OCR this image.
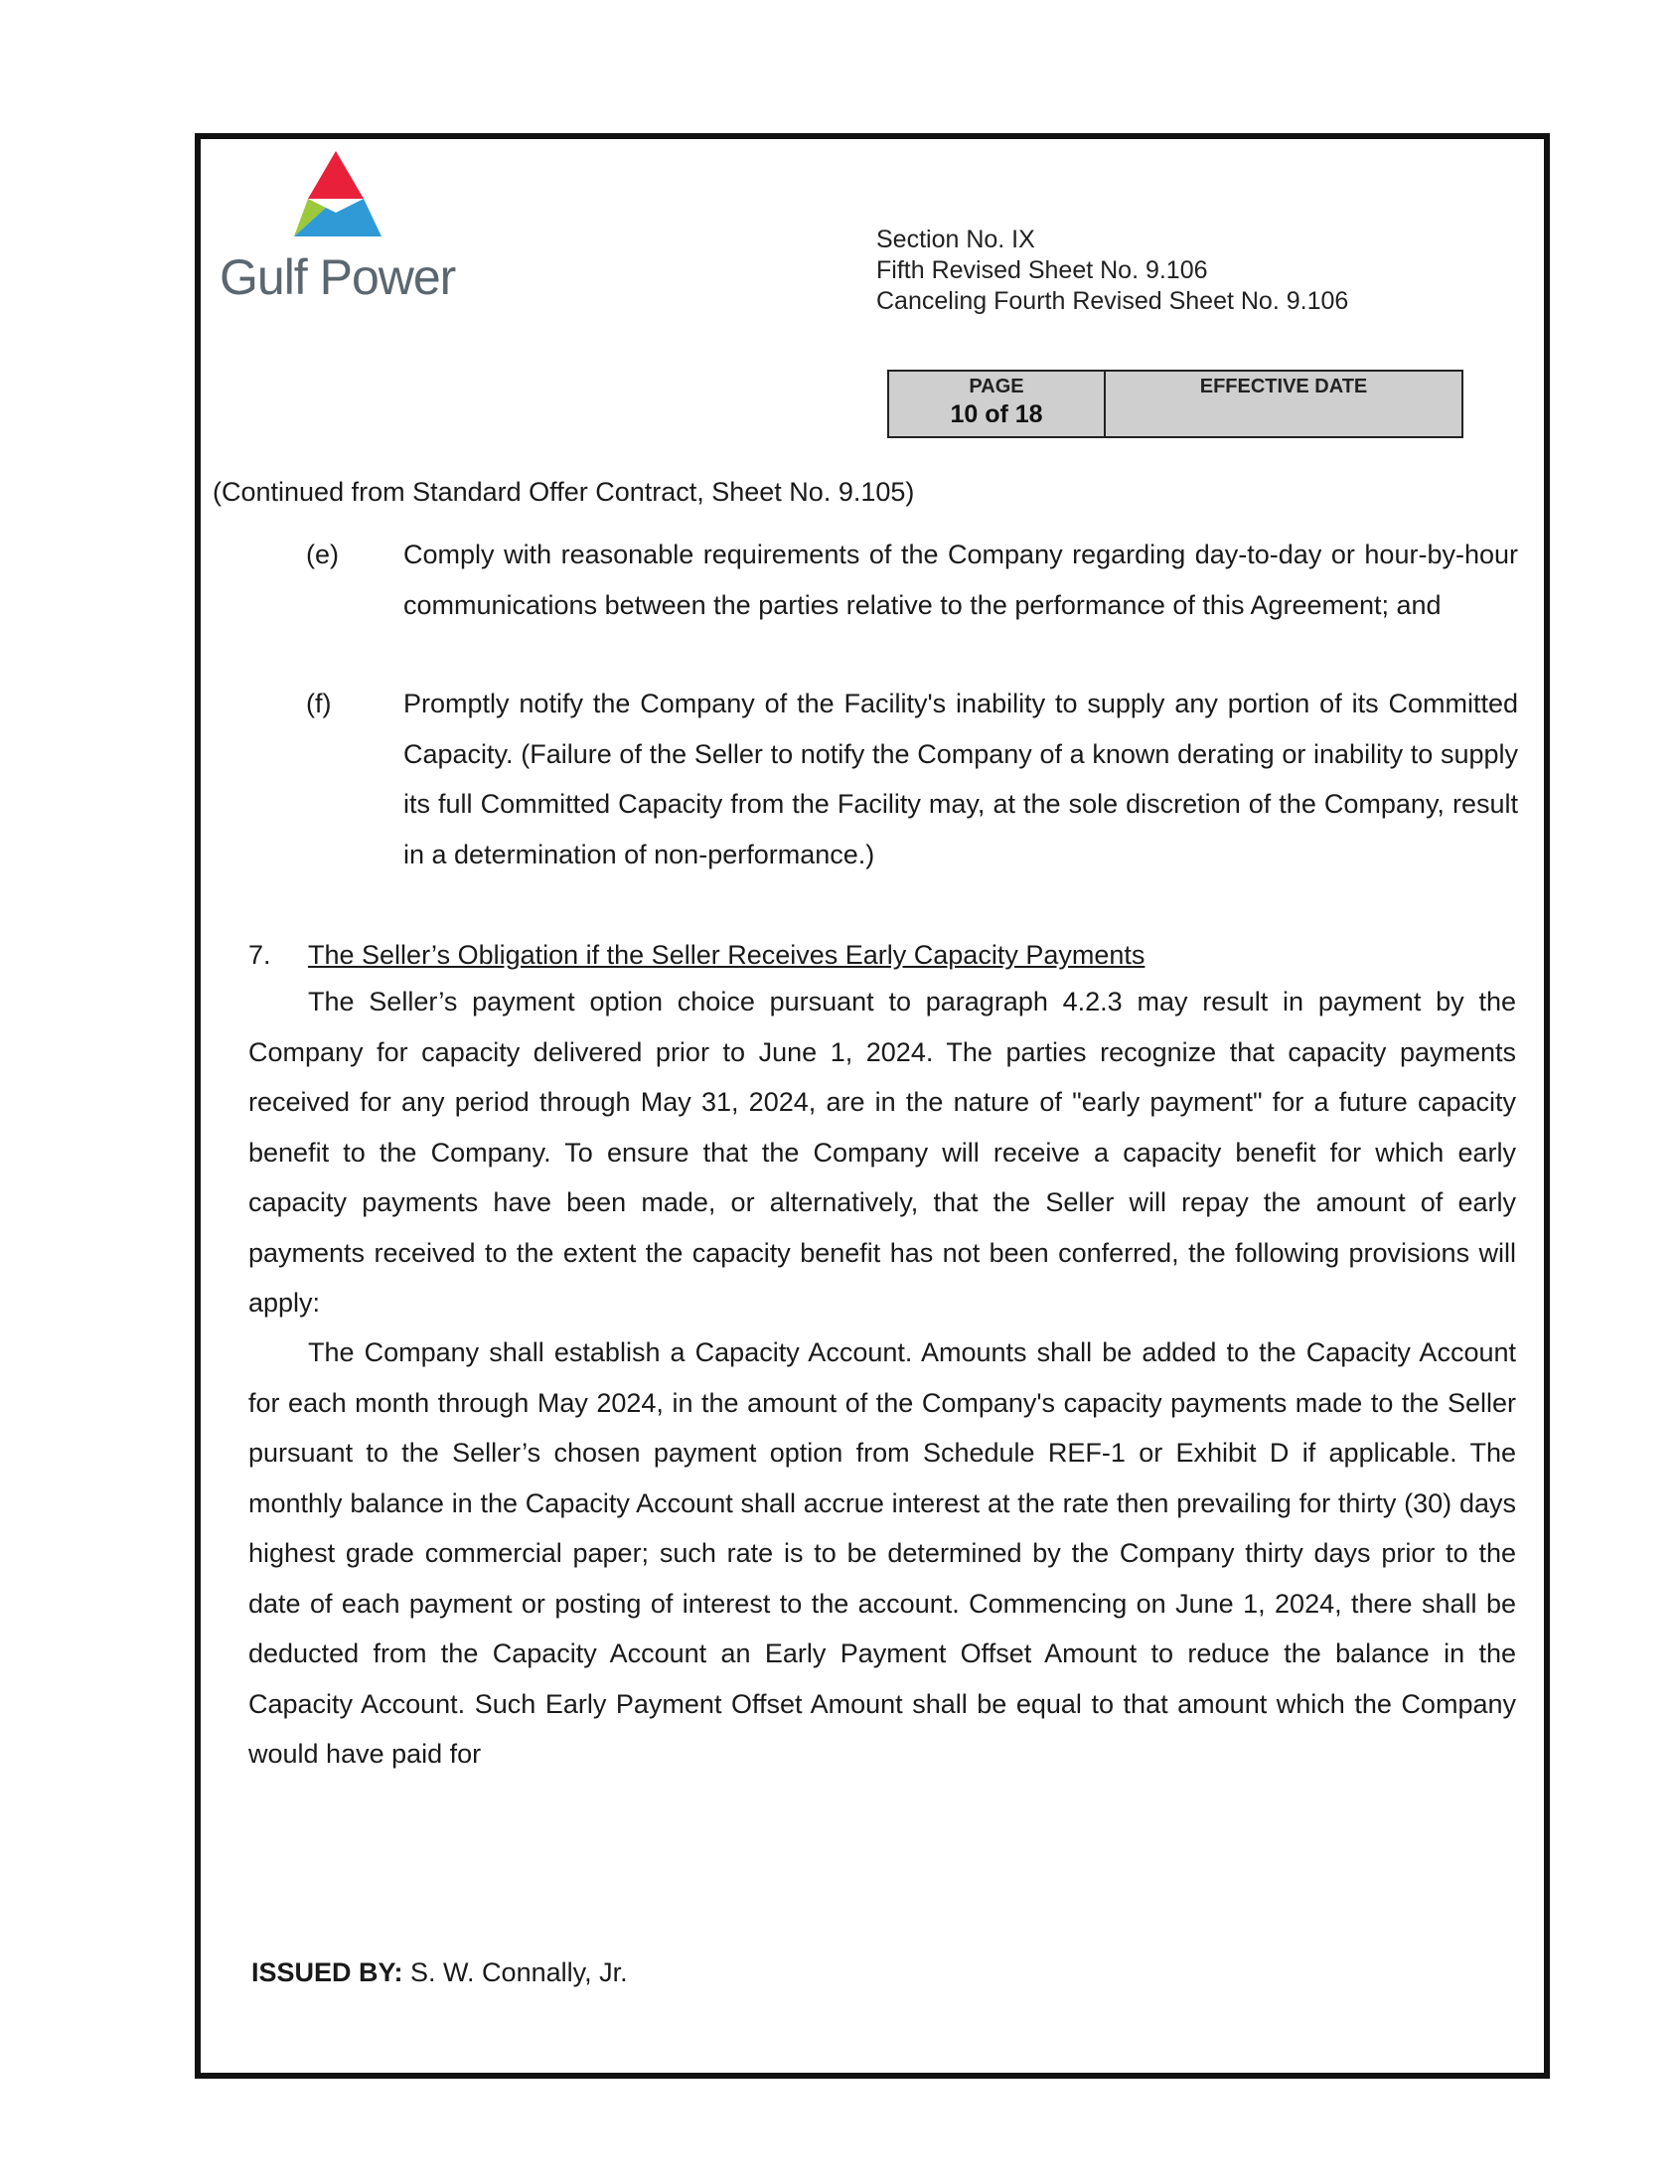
Gulf Power
Section No. IX
Fifth Revised Sheet No. 9.106
Canceling Fourth Revised Sheet No. 9.106
PAGE
10 of 18
EFFECTIVE DATE
(Continued from Standard Offer Contract, Sheet No. 9.105)
(e) Comply with reasonable requirements of the Company regarding day-to-day or hour-by-hour communications between the parties relative to the performance of this Agreement; and
(f)	Promptly notify the Company of the Facility's inability to supply any portion of its Committed Capacity. (Failure of the Seller to notify the Company of a known derating or inability to supply its full Committed Capacity from the Facility may, at the sole discretion of the Company, result in a determination of non-performance.)
7. The Seller’s Obligation if the Seller Receives Early Capacity Payments
The Seller’s payment option choice pursuant to paragraph 4.2.3 may result in payment by the Company for capacity delivered prior to June 1, 2024. The parties recognize that capacity payments received for any period through May 31, 2024, are in the nature of "early payment" for a future capacity benefit to the Company. To ensure that the Company will receive a capacity benefit for which early capacity payments have been made, or alternatively, that the Seller will repay the amount of early payments received to the extent the capacity benefit has not been conferred, the following provisions will apply:
The Company shall establish a Capacity Account. Amounts shall be added to the Capacity Account for each month through May 2024, in the amount of the Company's capacity payments made to the Seller pursuant to the Seller’s chosen payment option from Schedule REF-1 or Exhibit D if applicable. The monthly balance in the Capacity Account shall accrue interest at the rate then prevailing for thirty (30) days highest grade commercial paper; such rate is to be determined by the Company thirty days prior to the date of each payment or posting of interest to the account. Commencing on June 1, 2024, there shall be deducted from the Capacity Account an Early Payment Offset Amount to reduce the balance in the Capacity Account. Such Early Payment Offset Amount shall be equal to that amount which the Company would have paid for
ISSUED BY: S. W. Connally, Jr.
